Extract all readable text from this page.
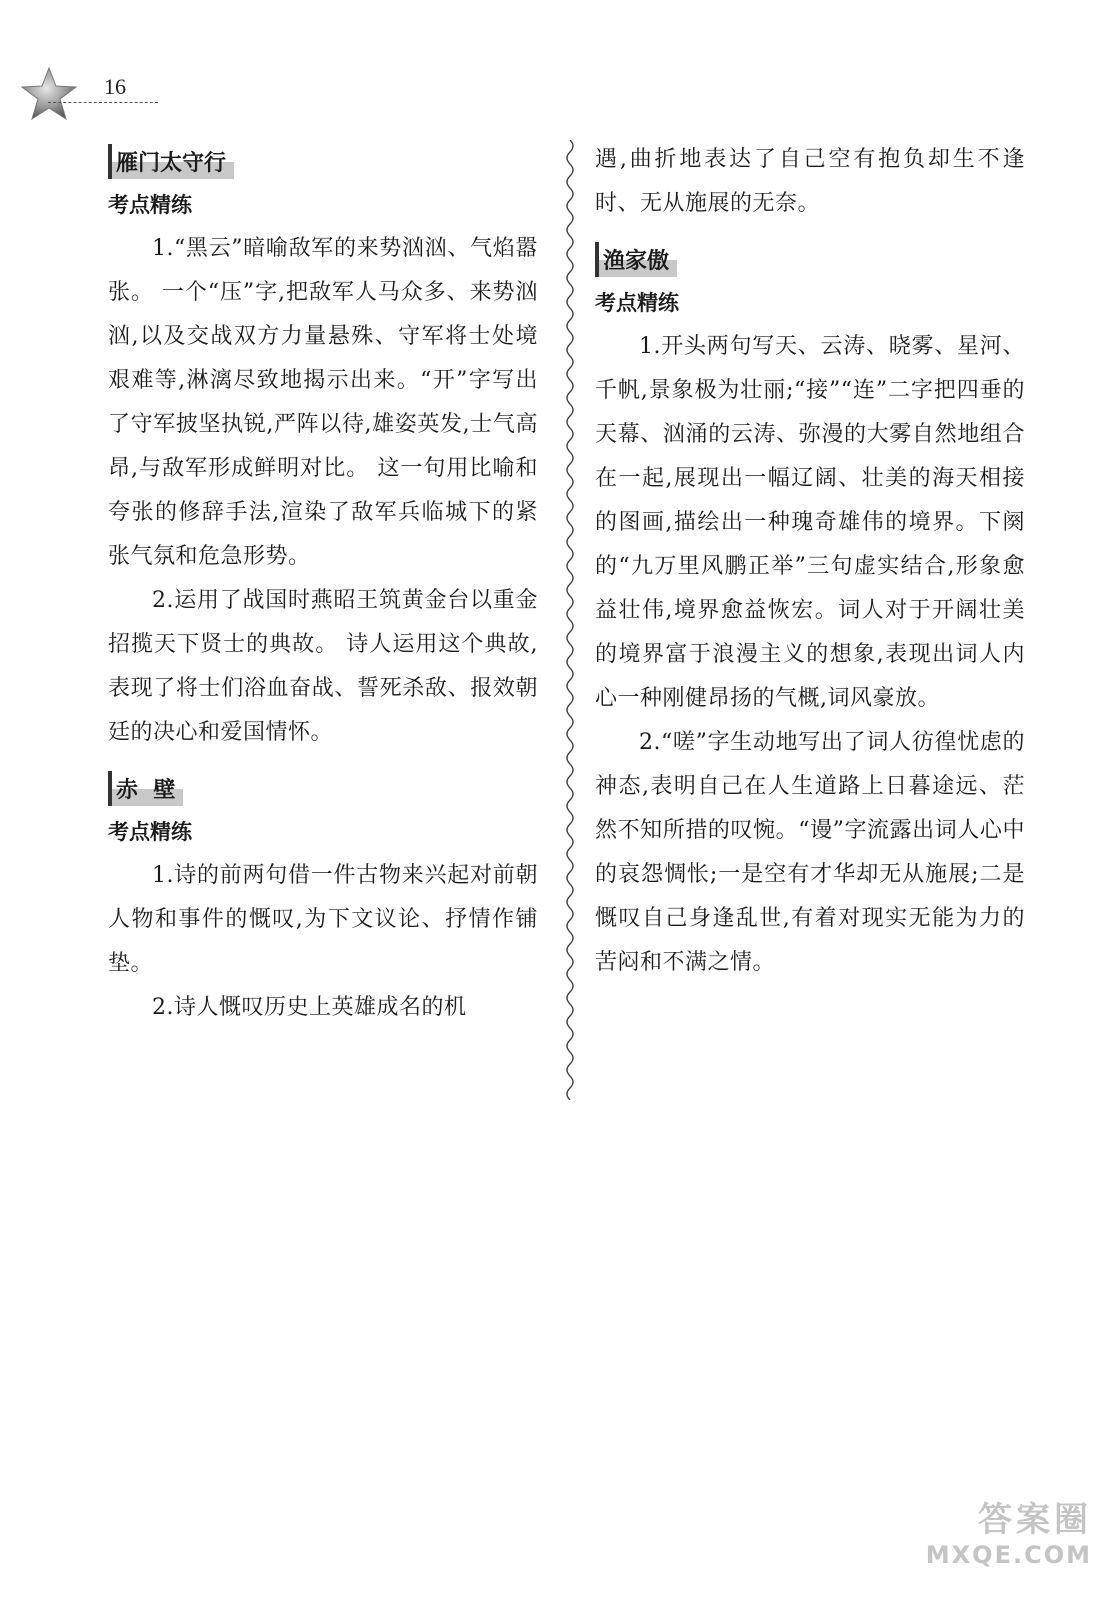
16
雁门太守行
考点精练

1.“黑云”暗喻敌军的来势汹汹、气焰嚣张。 一个“压”字,把敌军人马众多、来势汹汹,以及交战双方力量悬殊、守军将士处境艰难等,淋漓尽致地揭示出来。“开”字写出了守军披坚执锐,严阵以待,雄姿英发,士气高昂,与敌军形成鲜明对比。 这一句用比喻和夸张的修辞手法,渲染了敌军兵临城下的紧张气氛和危急形势。

2.运用了战国时燕昭王筑黄金台以重金招揽天下贤士的典故。 诗人运用这个典故,表现了将士们浴血奋战、誓死杀敌、报效朝廷的决心和爱国情怀。

赤  壁
考点精练

1.诗的前两句借一件古物来兴起对前朝人物和事件的慨叹,为下文议论、抒情作铺垫。

2.诗人慨叹历史上英雄成名的机

遇,曲折地表达了自己空有抱负却生不逢时、无从施展的无奈。

渔家傲
考点精练

1.开头两句写天、云涛、晓雾、星河、千帆,景象极为壮丽;“接”“连”二字把四垂的天幕、汹涌的云涛、弥漫的大雾自然地组合在一起,展现出一幅辽阔、壮美的海天相接的图画,描绘出一种瑰奇雄伟的境界。下阕的“九万里风鹏正举”三句虚实结合,形象愈益壮伟,境界愈益恢宏。词人对于开阔壮美的境界富于浪漫主义的想象,表现出词人内心一种刚健昂扬的气概,词风豪放。

2.“嗟”字生动地写出了词人彷徨忧虑的神态,表明自己在人生道路上日暮途远、茫然不知所措的叹惋。“谩”字流露出词人心中的哀怨惆怅;一是空有才华却无从施展;二是慨叹自己身逢乱世,有着对现实无能为力的苦闷和不满之情。

答案圈
MXQE.COM
